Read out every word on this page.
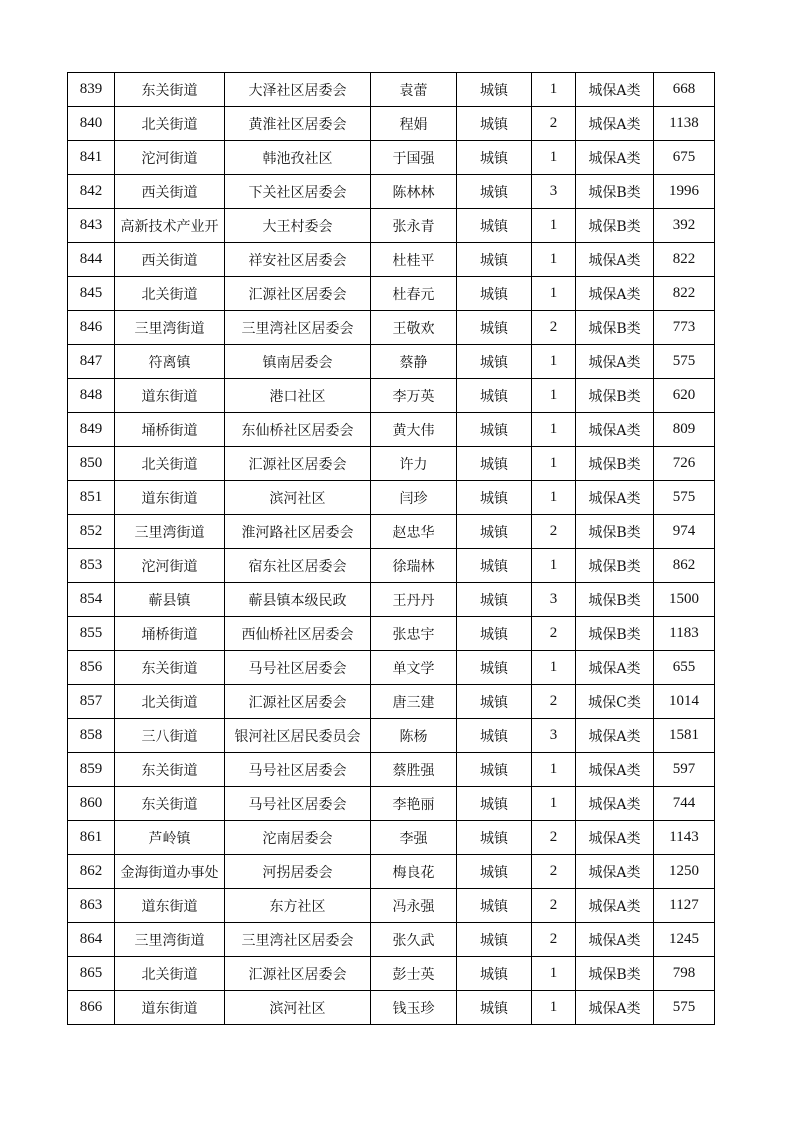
839	东关街道	大泽社区居委会	袁蕾	城镇	1	城保A类	668
840	北关街道	黄淮社区居委会	程娟	城镇	2	城保A类	1138
841	沱河街道	韩池孜社区	于国强	城镇	1	城保A类	675
842	西关街道	下关社区居委会	陈林林	城镇	3	城保B类	1996
843	高新技术产业开	大王村委会	张永青	城镇	1	城保B类	392
844	西关街道	祥安社区居委会	杜桂平	城镇	1	城保A类	822
845	北关街道	汇源社区居委会	杜春元	城镇	1	城保A类	822
846	三里湾街道	三里湾社区居委会	王敬欢	城镇	2	城保B类	773
847	符离镇	镇南居委会	蔡静	城镇	1	城保A类	575
848	道东街道	港口社区	李万英	城镇	1	城保B类	620
849	埇桥街道	东仙桥社区居委会	黄大伟	城镇	1	城保A类	809
850	北关街道	汇源社区居委会	许力	城镇	1	城保B类	726
851	道东街道	滨河社区	闫珍	城镇	1	城保A类	575
852	三里湾街道	淮河路社区居委会	赵忠华	城镇	2	城保B类	974
853	沱河街道	宿东社区居委会	徐瑞林	城镇	1	城保B类	862
854	蕲县镇	蕲县镇本级民政	王丹丹	城镇	3	城保B类	1500
855	埇桥街道	西仙桥社区居委会	张忠宇	城镇	2	城保B类	1183
856	东关街道	马号社区居委会	单文学	城镇	1	城保A类	655
857	北关街道	汇源社区居委会	唐三建	城镇	2	城保C类	1014
858	三八街道	银河社区居民委员会	陈杨	城镇	3	城保A类	1581
859	东关街道	马号社区居委会	蔡胜强	城镇	1	城保A类	597
860	东关街道	马号社区居委会	李艳丽	城镇	1	城保A类	744
861	芦岭镇	沱南居委会	李强	城镇	2	城保A类	1143
862	金海街道办事处	河拐居委会	梅良花	城镇	2	城保A类	1250
863	道东街道	东方社区	冯永强	城镇	2	城保A类	1127
864	三里湾街道	三里湾社区居委会	张久武	城镇	2	城保A类	1245
865	北关街道	汇源社区居委会	彭士英	城镇	1	城保B类	798
866	道东街道	滨河社区	钱玉珍	城镇	1	城保A类	575
